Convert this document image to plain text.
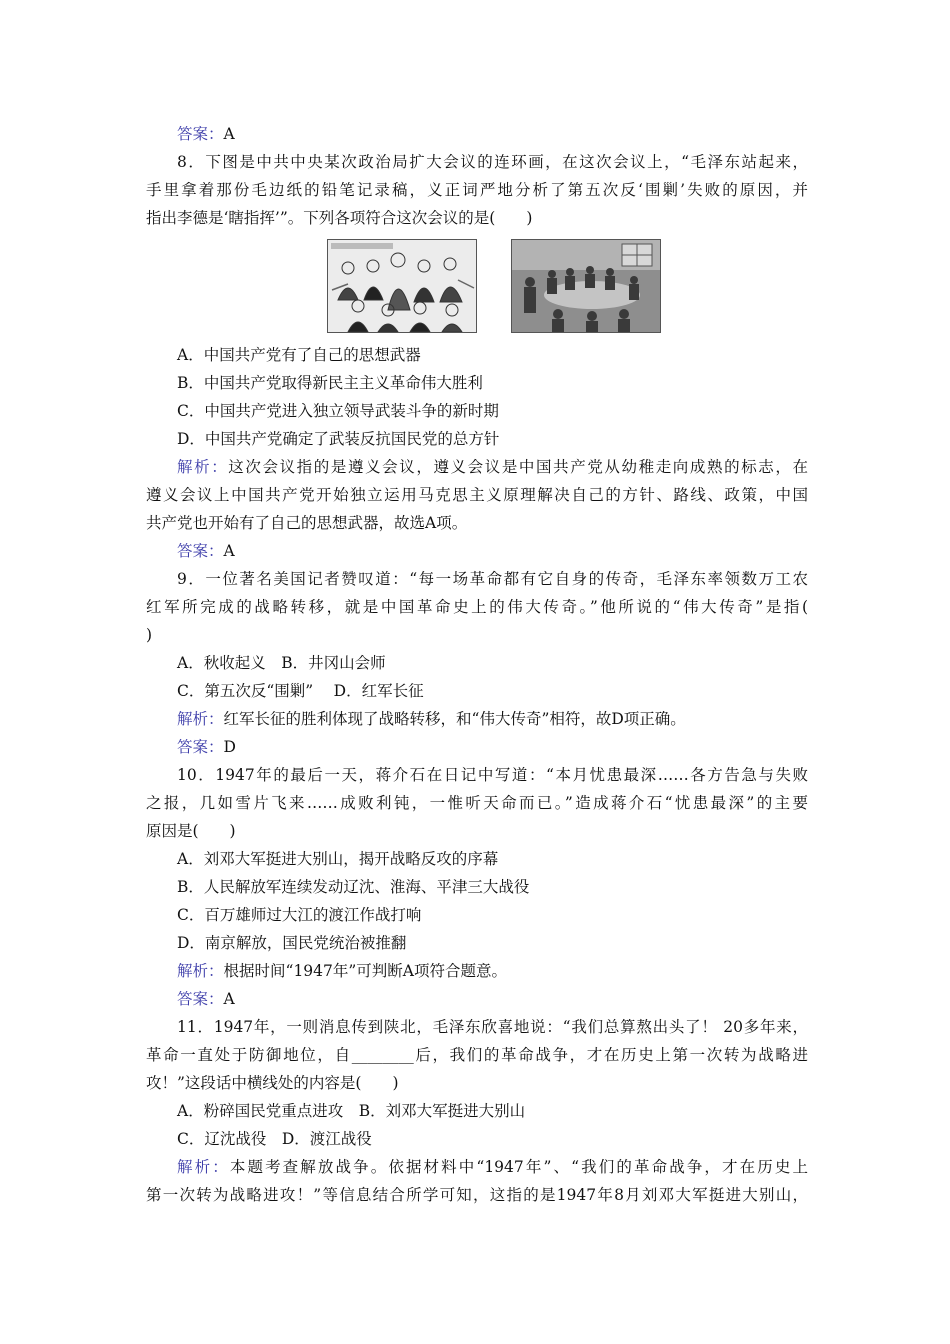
答案：A
8．下图是中共中央某次政治局扩大会议的连环画，在这次会议上，“毛泽东站起来，
手里拿着那份毛边纸的铅笔记录稿，义正词严地分析了第五次反‘围剿’失败的原因，并
指出李德是‘瞎指挥’”。下列各项符合这次会议的是(　　)
A．中国共产党有了自己的思想武器
B．中国共产党取得新民主主义革命伟大胜利
C．中国共产党进入独立领导武装斗争的新时期
D．中国共产党确定了武装反抗国民党的总方针
解析：这次会议指的是遵义会议，遵义会议是中国共产党从幼稚走向成熟的标志，在
遵义会议上中国共产党开始独立运用马克思主义原理解决自己的方针、路线、政策，中国
共产党也开始有了自己的思想武器，故选A项。
答案：A
9．一位著名美国记者赞叹道：“每一场革命都有它自身的传奇，毛泽东率领数万工农
红军所完成的战略转移，就是中国革命史上的伟大传奇。”他所说的“伟大传奇”是指(
)
A．秋收起义　B．井冈山会师
C．第五次反“围剿”　 D．红军长征
解析：红军长征的胜利体现了战略转移，和“伟大传奇”相符，故D项正确。
答案：D
10．1947年的最后一天，蒋介石在日记中写道：“本月忧患最深……各方告急与失败
之报，几如雪片飞来……成败利钝，一惟听天命而已。”造成蒋介石“忧患最深”的主要
原因是(　　)
A．刘邓大军挺进大别山，揭开战略反攻的序幕
B．人民解放军连续发动辽沈、淮海、平津三大战役
C．百万雄师过大江的渡江作战打响
D．南京解放，国民党统治被推翻
解析：根据时间“1947年”可判断A项符合题意。
答案：A
11．1947年，一则消息传到陕北，毛泽东欣喜地说：“我们总算熬出头了！ 20多年来，
革命一直处于防御地位，自________后，我们的革命战争，才在历史上第一次转为战略进
攻！”这段话中横线处的内容是(　　)
A．粉碎国民党重点进攻　B．刘邓大军挺进大别山
C．辽沈战役　D．渡江战役
解析：本题考查解放战争。依据材料中“1947年”、“我们的革命战争，才在历史上
第一次转为战略进攻！”等信息结合所学可知，这指的是1947年8月刘邓大军挺进大别山，
